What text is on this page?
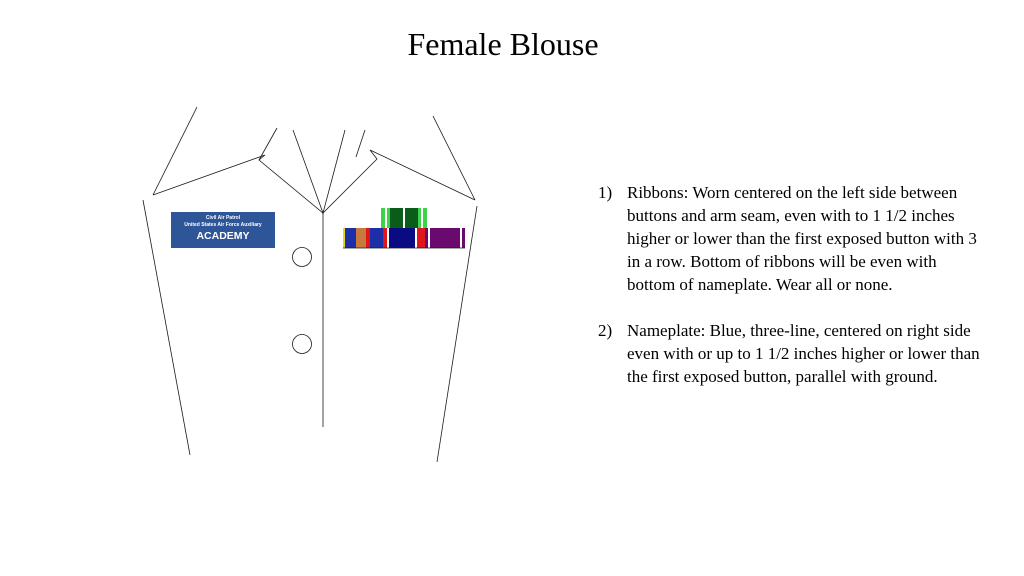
Female Blouse
Civil Air Patrol
United States Air Force Auxiliary
ACADEMY
1) Ribbons: Worn centered on the left side between buttons and arm seam, even with to 1 1/2 inches higher or lower than the first exposed button with 3 in a row. Bottom of ribbons will be even with bottom of nameplate. Wear all or none.
2) Nameplate: Blue, three-line, centered on right side even with or up to 1 1/2 inches higher or lower than the first exposed button, parallel with ground.
